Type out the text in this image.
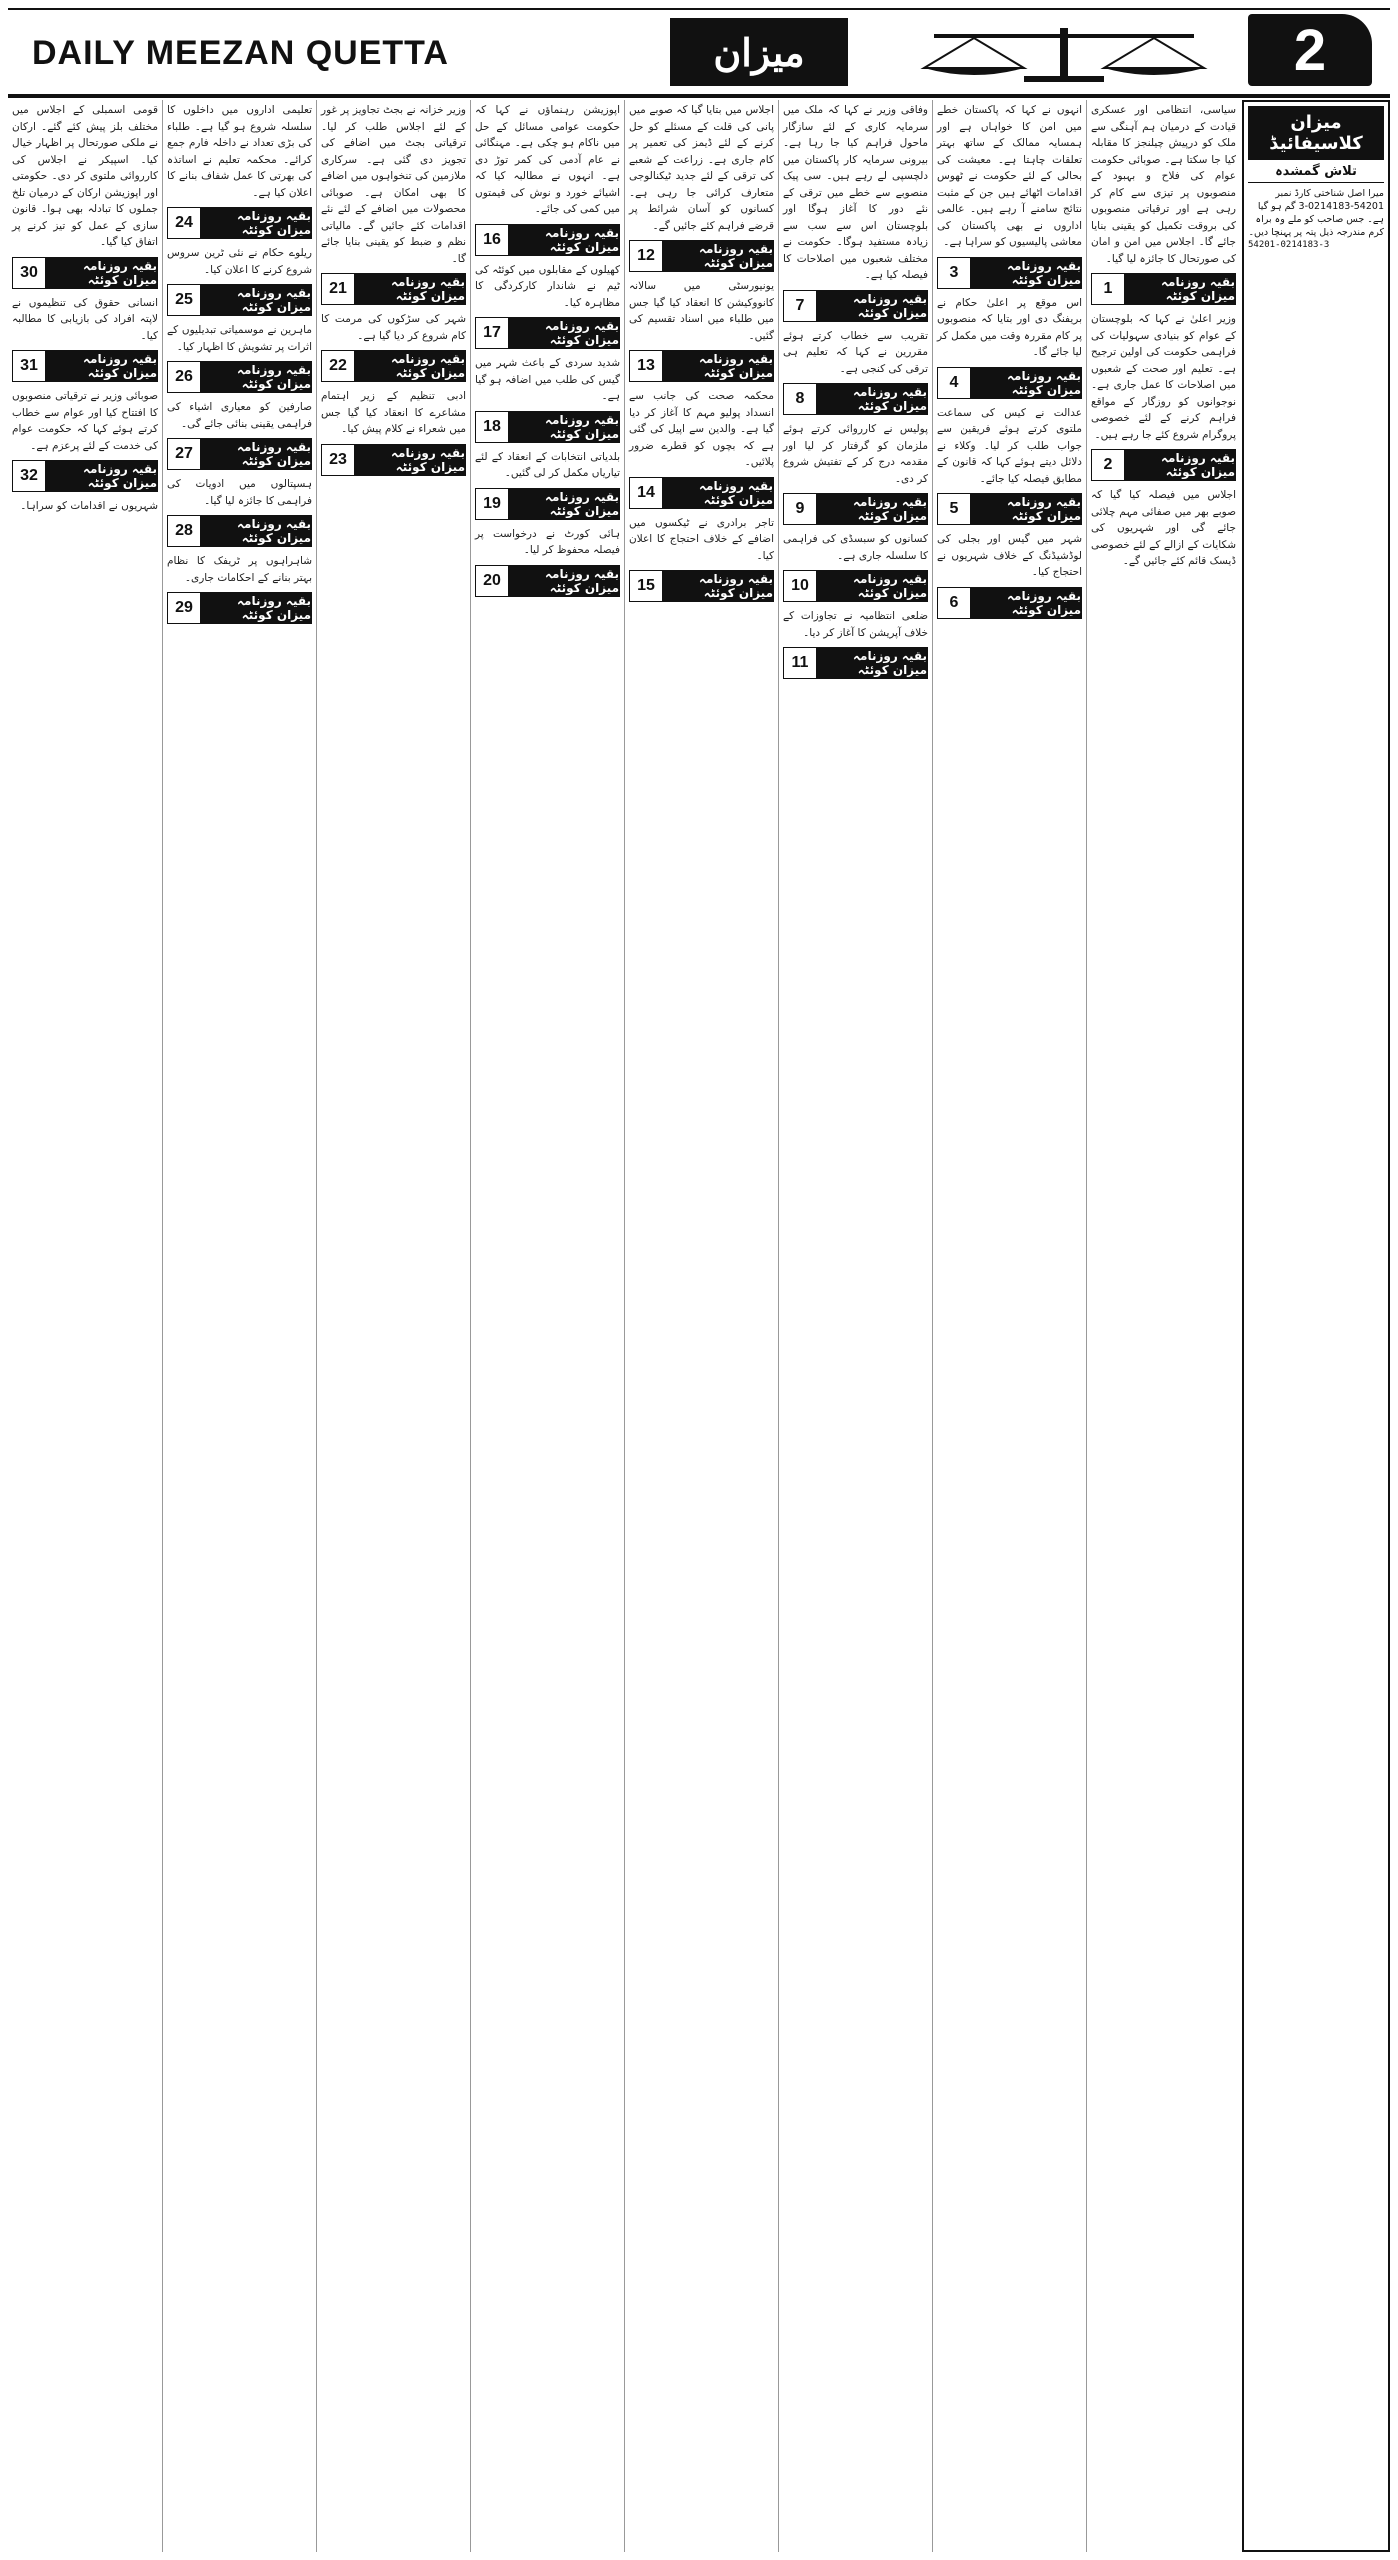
DAILY MEEZAN QUETTA	میزان	2
میزان کلاسیفائیڈ
تلاش گمشدہ
میرا اصل شناختی کارڈ نمبر 54201-0214183-3 گم ہو گیا ہے۔ جس صاحب کو ملے وہ براہ کرم مندرجہ ذیل پتہ پر پہنچا دیں۔
54201-0214183-3

سیاسی، انتظامی اور عسکری قیادت کے درمیان ہم آہنگی سے ملک کو درپیش چیلنجز کا مقابلہ کیا جا سکتا ہے۔ صوبائی حکومت عوام کی فلاح و بہبود کے منصوبوں پر تیزی سے کام کر رہی ہے اور ترقیاتی منصوبوں کی بروقت تکمیل کو یقینی بنایا جائے گا۔ اجلاس میں امن و امان کی صورتحال کا جائزہ لیا گیا۔

1	بقیہ روزنامہ میزان کوئٹہ

وزیر اعلیٰ نے کہا کہ بلوچستان کے عوام کو بنیادی سہولیات کی فراہمی حکومت کی اولین ترجیح ہے۔ تعلیم اور صحت کے شعبوں میں اصلاحات کا عمل جاری ہے۔ نوجوانوں کو روزگار کے مواقع فراہم کرنے کے لئے خصوصی پروگرام شروع کئے جا رہے ہیں۔

2	بقیہ روزنامہ میزان کوئٹہ

اجلاس میں فیصلہ کیا گیا کہ صوبے بھر میں صفائی مہم چلائی جائے گی اور شہریوں کی شکایات کے ازالے کے لئے خصوصی ڈیسک قائم کئے جائیں گے۔

انہوں نے کہا کہ پاکستان خطے میں امن کا خواہاں ہے اور ہمسایہ ممالک کے ساتھ بہتر تعلقات چاہتا ہے۔ معیشت کی بحالی کے لئے حکومت نے ٹھوس اقدامات اٹھائے ہیں جن کے مثبت نتائج سامنے آ رہے ہیں۔ عالمی اداروں نے بھی پاکستان کی معاشی پالیسیوں کو سراہا ہے۔

3	بقیہ روزنامہ میزان کوئٹہ

اس موقع پر اعلیٰ حکام نے بریفنگ دی اور بتایا کہ منصوبوں پر کام مقررہ وقت میں مکمل کر لیا جائے گا۔

4	بقیہ روزنامہ میزان کوئٹہ

عدالت نے کیس کی سماعت ملتوی کرتے ہوئے فریقین سے جواب طلب کر لیا۔ وکلاء نے دلائل دیتے ہوئے کہا کہ قانون کے مطابق فیصلہ کیا جائے۔

5	بقیہ روزنامہ میزان کوئٹہ

شہر میں گیس اور بجلی کی لوڈشیڈنگ کے خلاف شہریوں نے احتجاج کیا۔

6	بقیہ روزنامہ میزان کوئٹہ

وفاقی وزیر نے کہا کہ ملک میں سرمایہ کاری کے لئے سازگار ماحول فراہم کیا جا رہا ہے۔ بیرونی سرمایہ کار پاکستان میں دلچسپی لے رہے ہیں۔ سی پیک منصوبے سے خطے میں ترقی کے نئے دور کا آغاز ہوگا اور بلوچستان اس سے سب سے زیادہ مستفید ہوگا۔ حکومت نے مختلف شعبوں میں اصلاحات کا فیصلہ کیا ہے۔

7	بقیہ روزنامہ میزان کوئٹہ

تقریب سے خطاب کرتے ہوئے مقررین نے کہا کہ تعلیم ہی ترقی کی کنجی ہے۔

8	بقیہ روزنامہ میزان کوئٹہ

پولیس نے کارروائی کرتے ہوئے ملزمان کو گرفتار کر لیا اور مقدمہ درج کر کے تفتیش شروع کر دی۔

9	بقیہ روزنامہ میزان کوئٹہ

کسانوں کو سبسڈی کی فراہمی کا سلسلہ جاری ہے۔

10	بقیہ روزنامہ میزان کوئٹہ

ضلعی انتظامیہ نے تجاوزات کے خلاف آپریشن کا آغاز کر دیا۔

11	بقیہ روزنامہ میزان کوئٹہ

اجلاس میں بتایا گیا کہ صوبے میں پانی کی قلت کے مسئلے کو حل کرنے کے لئے ڈیمز کی تعمیر پر کام جاری ہے۔ زراعت کے شعبے کی ترقی کے لئے جدید ٹیکنالوجی متعارف کرائی جا رہی ہے۔ کسانوں کو آسان شرائط پر قرضے فراہم کئے جائیں گے۔

12	بقیہ روزنامہ میزان کوئٹہ

یونیورسٹی میں سالانہ کانووکیشن کا انعقاد کیا گیا جس میں طلباء میں اسناد تقسیم کی گئیں۔

13	بقیہ روزنامہ میزان کوئٹہ

محکمہ صحت کی جانب سے انسداد پولیو مہم کا آغاز کر دیا گیا ہے۔ والدین سے اپیل کی گئی ہے کہ بچوں کو قطرے ضرور پلائیں۔

14	بقیہ روزنامہ میزان کوئٹہ

تاجر برادری نے ٹیکسوں میں اضافے کے خلاف احتجاج کا اعلان کیا۔

15	بقیہ روزنامہ میزان کوئٹہ

اپوزیشن رہنماؤں نے کہا کہ حکومت عوامی مسائل کے حل میں ناکام ہو چکی ہے۔ مہنگائی نے عام آدمی کی کمر توڑ دی ہے۔ انہوں نے مطالبہ کیا کہ اشیائے خورد و نوش کی قیمتوں میں کمی کی جائے۔

16	بقیہ روزنامہ میزان کوئٹہ

کھیلوں کے مقابلوں میں کوئٹہ کی ٹیم نے شاندار کارکردگی کا مظاہرہ کیا۔

17	بقیہ روزنامہ میزان کوئٹہ

شدید سردی کے باعث شہر میں گیس کی طلب میں اضافہ ہو گیا ہے۔

18	بقیہ روزنامہ میزان کوئٹہ

بلدیاتی انتخابات کے انعقاد کے لئے تیاریاں مکمل کر لی گئیں۔

19	بقیہ روزنامہ میزان کوئٹہ

ہائی کورٹ نے درخواست پر فیصلہ محفوظ کر لیا۔

20	بقیہ روزنامہ میزان کوئٹہ

وزیر خزانہ نے بجٹ تجاویز پر غور کے لئے اجلاس طلب کر لیا۔ ترقیاتی بجٹ میں اضافے کی تجویز دی گئی ہے۔ سرکاری ملازمین کی تنخواہوں میں اضافے کا بھی امکان ہے۔ صوبائی محصولات میں اضافے کے لئے نئے اقدامات کئے جائیں گے۔ مالیاتی نظم و ضبط کو یقینی بنایا جائے گا۔

21	بقیہ روزنامہ میزان کوئٹہ

شہر کی سڑکوں کی مرمت کا کام شروع کر دیا گیا ہے۔

22	بقیہ روزنامہ میزان کوئٹہ

ادبی تنظیم کے زیر اہتمام مشاعرے کا انعقاد کیا گیا جس میں شعراء نے کلام پیش کیا۔

23	بقیہ روزنامہ میزان کوئٹہ

تعلیمی اداروں میں داخلوں کا سلسلہ شروع ہو گیا ہے۔ طلباء کی بڑی تعداد نے داخلہ فارم جمع کرائے۔ محکمہ تعلیم نے اساتذہ کی بھرتی کا عمل شفاف بنانے کا اعلان کیا ہے۔

24	بقیہ روزنامہ میزان کوئٹہ

ریلوے حکام نے نئی ٹرین سروس شروع کرنے کا اعلان کیا۔

25	بقیہ روزنامہ میزان کوئٹہ

ماہرین نے موسمیاتی تبدیلیوں کے اثرات پر تشویش کا اظہار کیا۔

26	بقیہ روزنامہ میزان کوئٹہ

صارفین کو معیاری اشیاء کی فراہمی یقینی بنائی جائے گی۔

27	بقیہ روزنامہ میزان کوئٹہ

ہسپتالوں میں ادویات کی فراہمی کا جائزہ لیا گیا۔

28	بقیہ روزنامہ میزان کوئٹہ

شاہراہوں پر ٹریفک کا نظام بہتر بنانے کے احکامات جاری۔

29	بقیہ روزنامہ میزان کوئٹہ

قومی اسمبلی کے اجلاس میں مختلف بلز پیش کئے گئے۔ ارکان نے ملکی صورتحال پر اظہار خیال کیا۔ اسپیکر نے اجلاس کی کارروائی ملتوی کر دی۔ حکومتی اور اپوزیشن ارکان کے درمیان تلخ جملوں کا تبادلہ بھی ہوا۔ قانون سازی کے عمل کو تیز کرنے پر اتفاق کیا گیا۔

30	بقیہ روزنامہ میزان کوئٹہ

انسانی حقوق کی تنظیموں نے لاپتہ افراد کی بازیابی کا مطالبہ کیا۔

31	بقیہ روزنامہ میزان کوئٹہ

صوبائی وزیر نے ترقیاتی منصوبوں کا افتتاح کیا اور عوام سے خطاب کرتے ہوئے کہا کہ حکومت عوام کی خدمت کے لئے پرعزم ہے۔

32	بقیہ روزنامہ میزان کوئٹہ

شہریوں نے اقدامات کو سراہا۔
